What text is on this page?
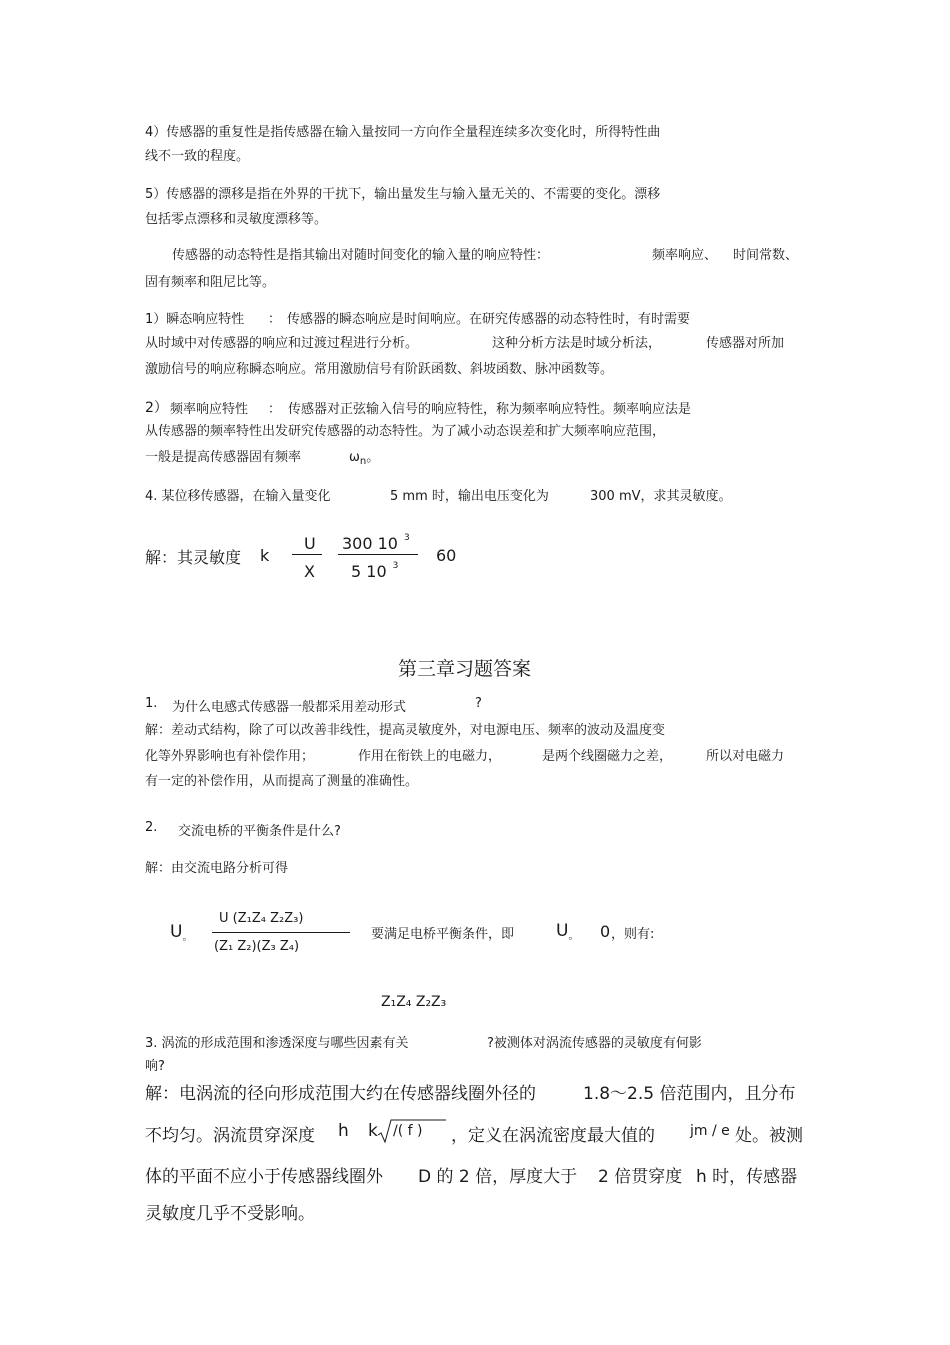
4）传感器的重复性是指传感器在输入量按同一方向作全量程连续多次变化时，所得特性曲
线不一致的程度。
5）传感器的漂移是指在外界的干扰下，输出量发生与输入量无关的、不需要的变化。漂移
包括零点漂移和灵敏度漂移等。
传感器的动态特性是指其输出对随时间变化的输入量的响应特性：	频率响应、 时间常数、
固有频率和阻尼比等。
1）瞬态响应特性 ： 传感器的瞬态响应是时间响应。在研究传感器的动态特性时，有时需要
从时域中对传感器的响应和过渡过程进行分析。	这种分析方法是时域分析法，	传感器对所加
激励信号的响应称瞬态响应。常用激励信号有阶跃函数、斜坡函数、脉冲函数等。
2） 频率响应特性 ： 传感器对正弦输入信号的响应特性，称为频率响应特性。频率响应法是
从传感器的频率特性出发研究传感器的动态特性。为了减小动态误差和扩大频率响应范围，
一般是提高传感器固有频率	$\omega_n$。
4. 某位移传感器，在输入量变化	5 mm 时，输出电压变化为	300 mV，求其灵敏度。
解：其灵敏度 k
U
X
300 10 $^3$
5 10 $^3$
60
第三章习题答案
1. 为什么电感式传感器一般都采用差动形式	?
解：差动式结构，除了可以改善非线性，提高灵敏度外，对电源电压、频率的波动及温度变
化等外界影响也有补偿作用；	作用在衔铁上的电磁力，	是两个线圈磁力之差，	所以对电磁力
有一定的补偿作用，从而提高了测量的准确性。
2. 交流电桥的平衡条件是什么?
解：由交流电路分析可得
$U_。$
U (Z₁Z₄ Z₂Z₃)
(Z₁ Z₂)(Z₃ Z₄)
要满足电桥平衡条件，即 $U_。$ 0 ，则有:
Z₁Z₄ Z₂Z₃
3. 涡流的形成范围和渗透深度与哪些因素有关	?被测体对涡流传感器的灵敏度有何影
响?
解：电涡流的径向形成范围大约在传感器线圈外径的	1.8～2.5 倍范围内，且分布
不均匀。涡流贯穿深度 h k /( f ) ，定义在涡流密度最大值的	jm / e 处。被测
体的平面不应小于传感器线圈外 D 的 2 倍，厚度大于 2 倍贯穿度 h 时，传感器
灵敏度几乎不受影响。
